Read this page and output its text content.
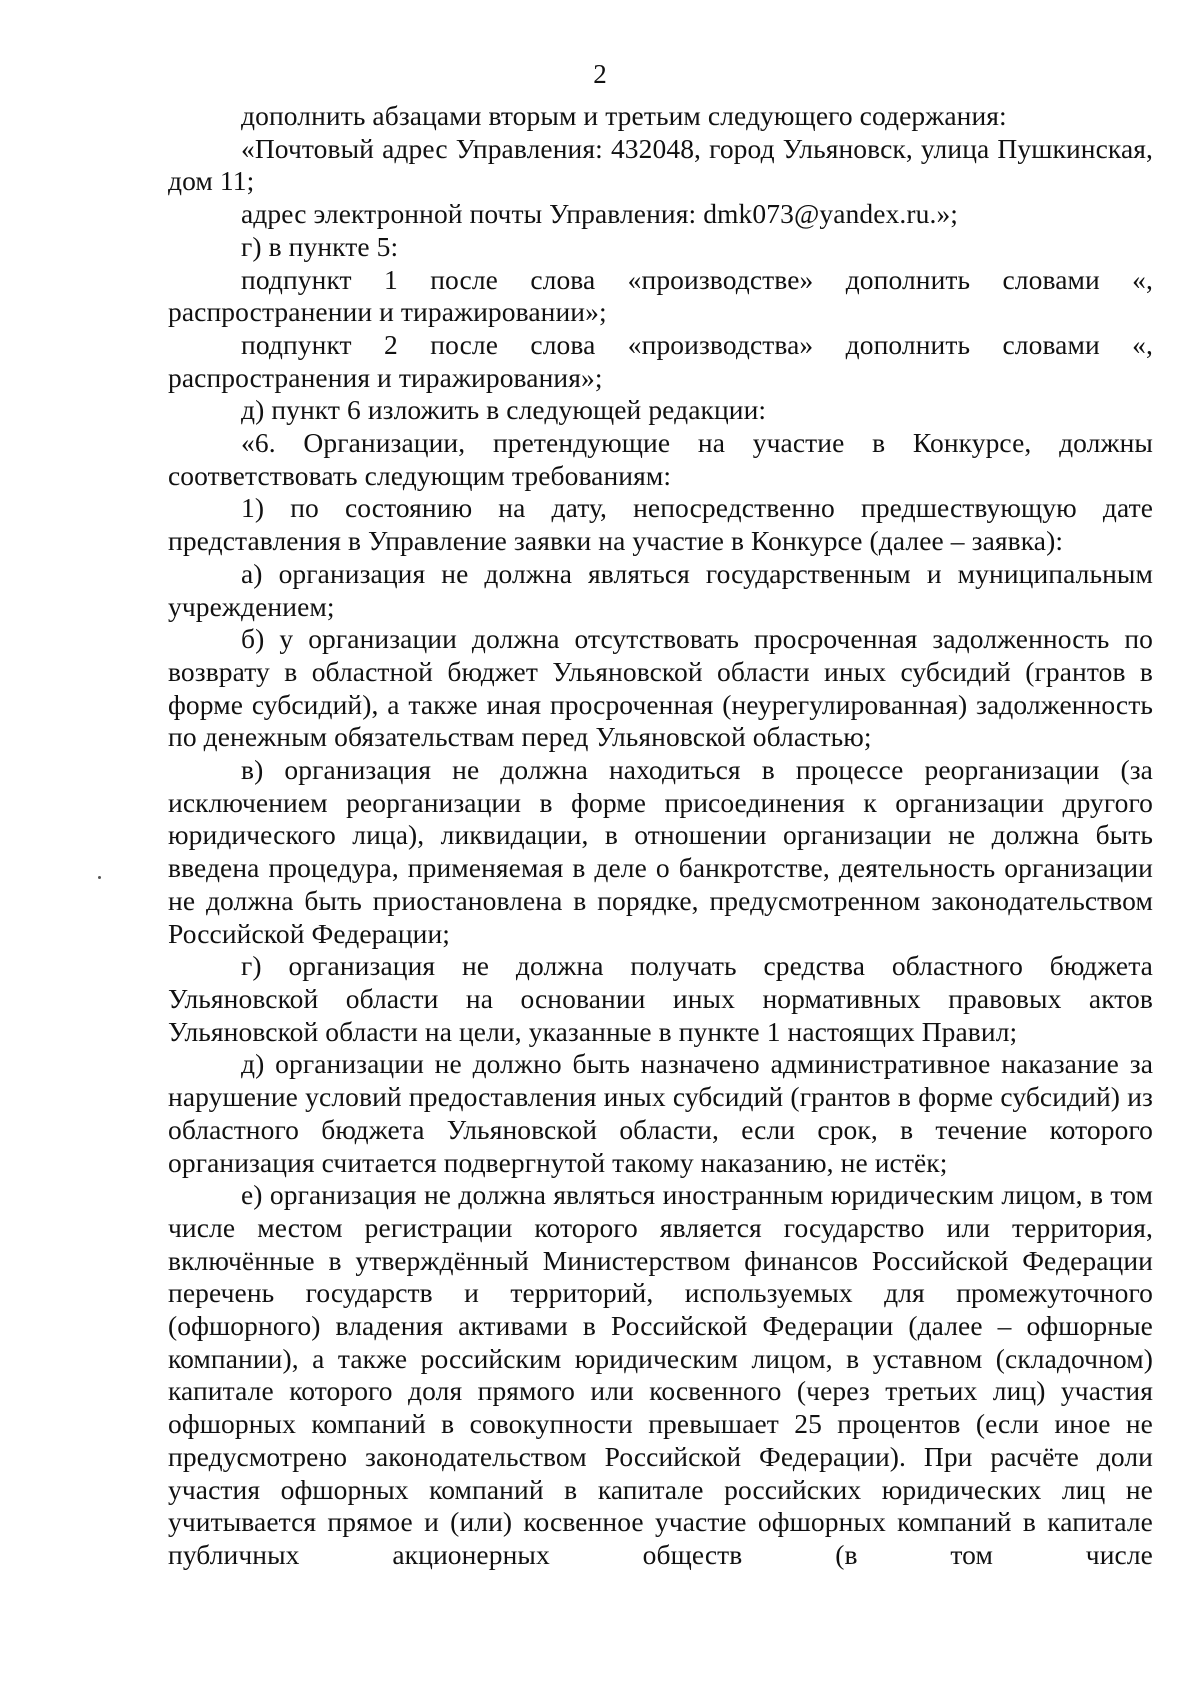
2

дополнить абзацами вторым и третьим следующего содержания:

«Почтовый адрес Управления: 432048, город Ульяновск, улица Пушкинская, дом 11;

адрес электронной почты Управления: dmk073@yandex.ru.»;

г) в пункте 5:

подпункт 1 после слова «производстве» дополнить словами «, распространении и тиражировании»;

подпункт 2 после слова «производства» дополнить словами «, распространения и тиражирования»;

д) пункт 6 изложить в следующей редакции:

«6. Организации, претендующие на участие в Конкурсе, должны соответствовать следующим требованиям:

1) по состоянию на дату, непосредственно предшествующую дате представления в Управление заявки на участие в Конкурсе (далее – заявка):

а) организация не должна являться государственным и муниципальным учреждением;

б) у организации должна отсутствовать просроченная задолженность по возврату в областной бюджет Ульяновской области иных субсидий (грантов в форме субсидий), а также иная просроченная (неурегулированная) задолженность по денежным обязательствам перед Ульяновской областью;

в) организация не должна находиться в процессе реорганизации (за исключением реорганизации в форме присоединения к организации другого юридического лица), ликвидации, в отношении организации не должна быть введена процедура, применяемая в деле о банкротстве, деятельность организации не должна быть приостановлена в порядке, предусмотренном законодательством Российской Федерации;

г) организация не должна получать средства областного бюджета Ульяновской области на основании иных нормативных правовых актов Ульяновской области на цели, указанные в пункте 1 настоящих Правил;

д) организации не должно быть назначено административное наказание за нарушение условий предоставления иных субсидий (грантов в форме субсидий) из областного бюджета Ульяновской области, если срок, в течение которого организация считается подвергнутой такому наказанию, не истёк;

е) организация не должна являться иностранным юридическим лицом, в том числе местом регистрации которого является государство или территория, включённые в утверждённый Министерством финансов Российской Федерации перечень государств и территорий, используемых для промежуточного (офшорного) владения активами в Российской Федерации (далее – офшорные компании), а также российским юридическим лицом, в уставном (складочном) капитале которого доля прямого или косвенного (через третьих лиц) участия офшорных компаний в совокупности превышает 25 процентов (если иное не предусмотрено законодательством Российской Федерации). При расчёте доли участия офшорных компаний в капитале российских юридических лиц не учитывается прямое и (или) косвенное участие офшорных компаний в капитале публичных акционерных обществ (в том числе
